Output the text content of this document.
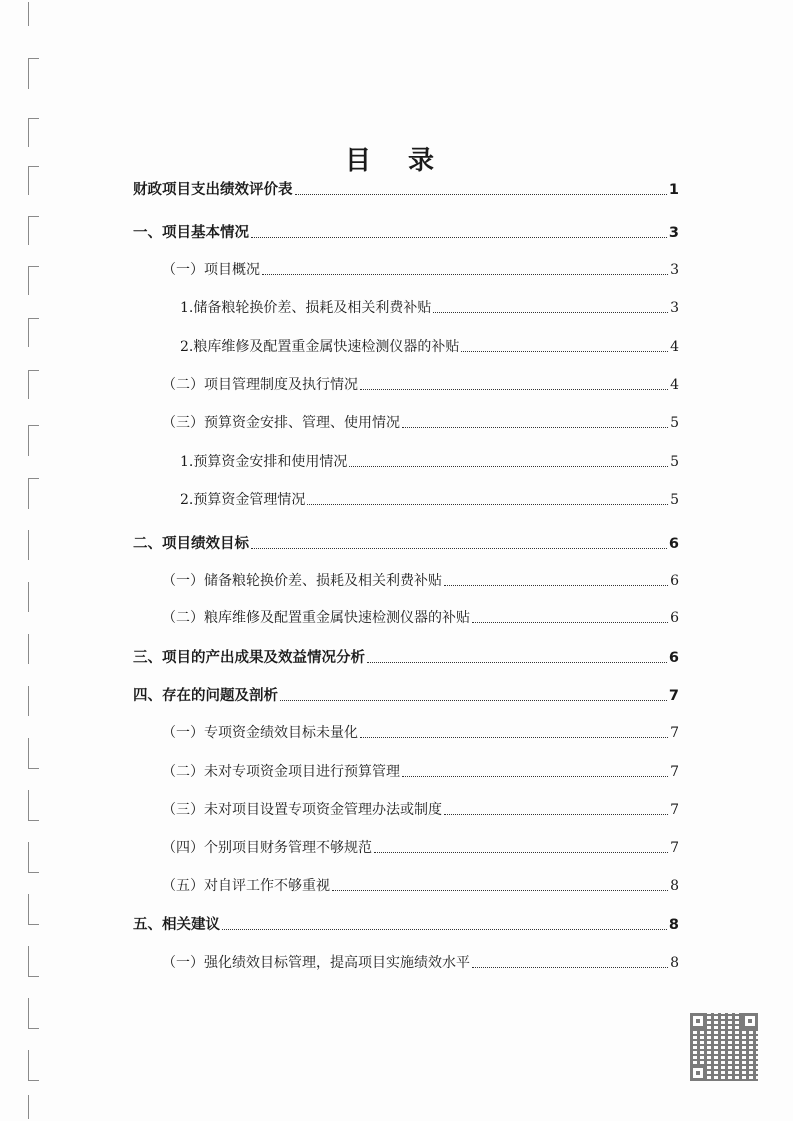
目 录
财政项目支出绩效评价表	1
一、项目基本情况	3
（一）项目概况	3
1.储备粮轮换价差、损耗及相关利费补贴	3
2.粮库维修及配置重金属快速检测仪器的补贴	4
（二）项目管理制度及执行情况	4
（三）预算资金安排、管理、使用情况	5
1.预算资金安排和使用情况	5
2.预算资金管理情况	5
二、项目绩效目标	6
（一）储备粮轮换价差、损耗及相关利费补贴	6
（二）粮库维修及配置重金属快速检测仪器的补贴	6
三、项目的产出成果及效益情况分析	6
四、存在的问题及剖析	7
（一）专项资金绩效目标未量化	7
（二）未对专项资金项目进行预算管理	7
（三）未对项目设置专项资金管理办法或制度	7
（四）个别项目财务管理不够规范	7
（五）对自评工作不够重视	8
五、相关建议	8
（一）强化绩效目标管理，提高项目实施绩效水平	8
